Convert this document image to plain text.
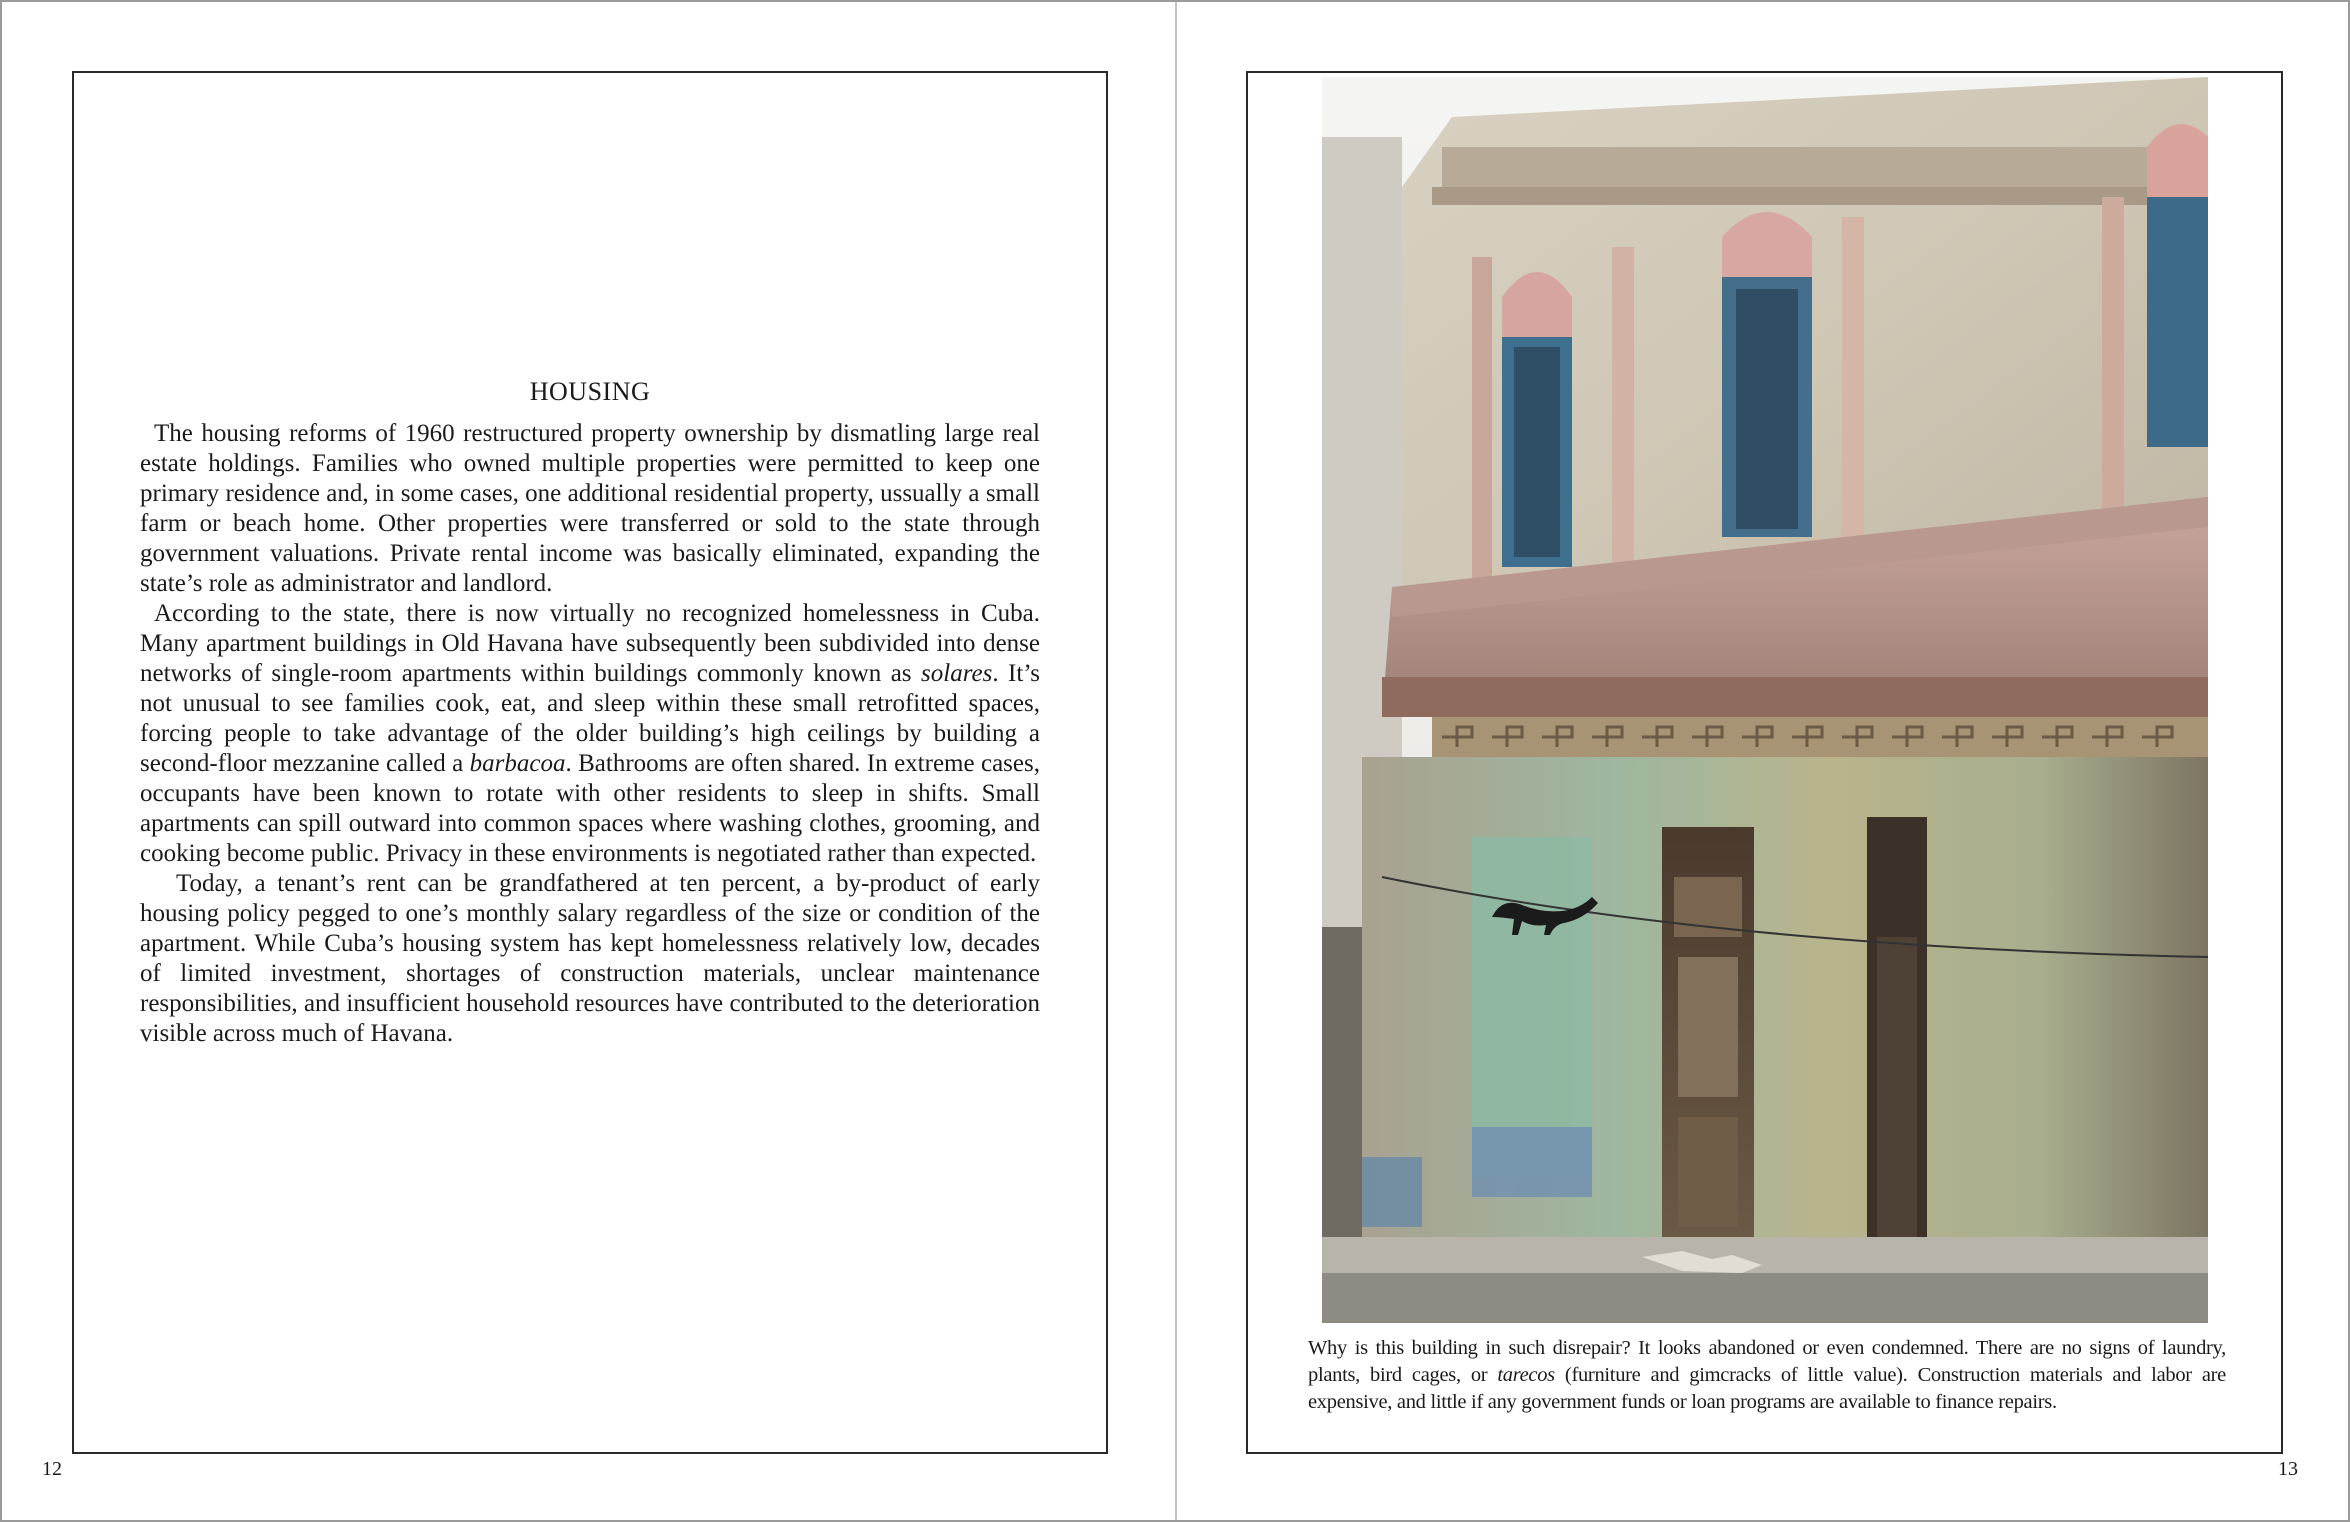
HOUSING

The housing reforms of 1960 restructured property ownership by dismatling large real estate holdings. Families who owned multiple properties were permitted to keep one primary residence and, in some cases, one additional residential property, ussually a small farm or beach home. Other properties were transferred or sold to the state through government valuations. Private rental income was basically eliminated, expanding the state’s role as administrator and landlord.

According to the state, there is now virtually no recognized homelessness in Cuba. Many apartment buildings in Old Havana have subsequently been subdivided into dense networks of single-room apartments within buildings commonly known as solares. It’s not unusual to see families cook, eat, and sleep within these small retrofitted spaces, forcing people to take advantage of the older building’s high ceilings by building a second-floor mezzanine called a barbacoa. Bathrooms are often shared. In extreme cases, occupants have been known to rotate with other residents to sleep in shifts. Small apartments can spill outward into common spaces where washing clothes, grooming, and cooking become public. Privacy in these environments is negotiated rather than expected.

Today, a tenant’s rent can be grandfathered at ten percent, a by-product of early housing policy pegged to one’s monthly salary regardless of the size or condition of the apartment. While Cuba’s housing system has kept homelessness relatively low, decades of limited investment, shortages of construction materials, unclear maintenance responsibilities, and insufficient household resources have contributed to the deterioration visible across much of Havana.

Why is this building in such disrepair? It looks abandoned or even condemned. There are no signs of laundry, plants, bird cages, or tarecos (furniture and gimcracks of little value). Construction materials and labor are expensive, and little if any government funds or loan programs are available to finance repairs.
12	13
